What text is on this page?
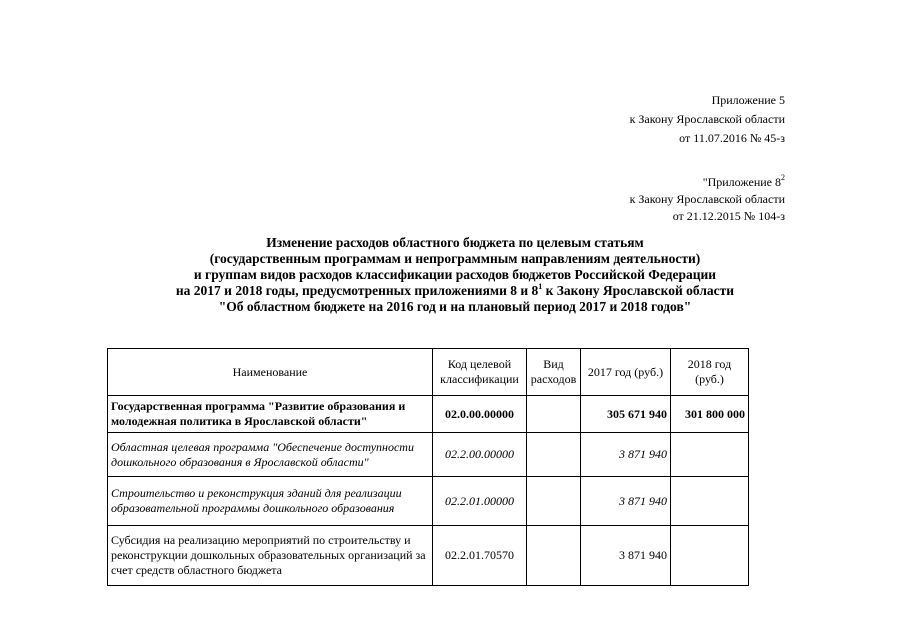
Приложение 5
к Закону Ярославской области
от 11.07.2016 № 45-з
"Приложение $8^2$
к Закону Ярославской области
от 21.12.2015 № 104-з
Изменение расходов областного бюджета по целевым статьям
(государственным программам и непрограммным направлениям деятельности)
и группам видов расходов классификации расходов бюджетов Российской Федерации
на 2017 и 2018 годы, предусмотренных приложениями 8 и $8^1$ к Закону Ярославской области
"Об областном бюджете на 2016 год и на плановый период 2017 и 2018 годов"
Наименование	Код целевой классификации	Вид расходов	2017 год (руб.)	2018 год (руб.)
Государственная программа "Развитие образования и молодежная политика в Ярославской области"	02.0.00.00000		305 671 940	301 800 000
Областная целевая программа "Обеспечение доступности дошкольного образования в Ярославской области"	02.2.00.00000		3 871 940	
Строительство и реконструкция зданий для реализации образовательной программы дошкольного образования	02.2.01.00000		3 871 940	
Субсидия на реализацию мероприятий по строительству и реконструкции дошкольных образовательных организаций за счет средств областного бюджета	02.2.01.70570		3 871 940	
